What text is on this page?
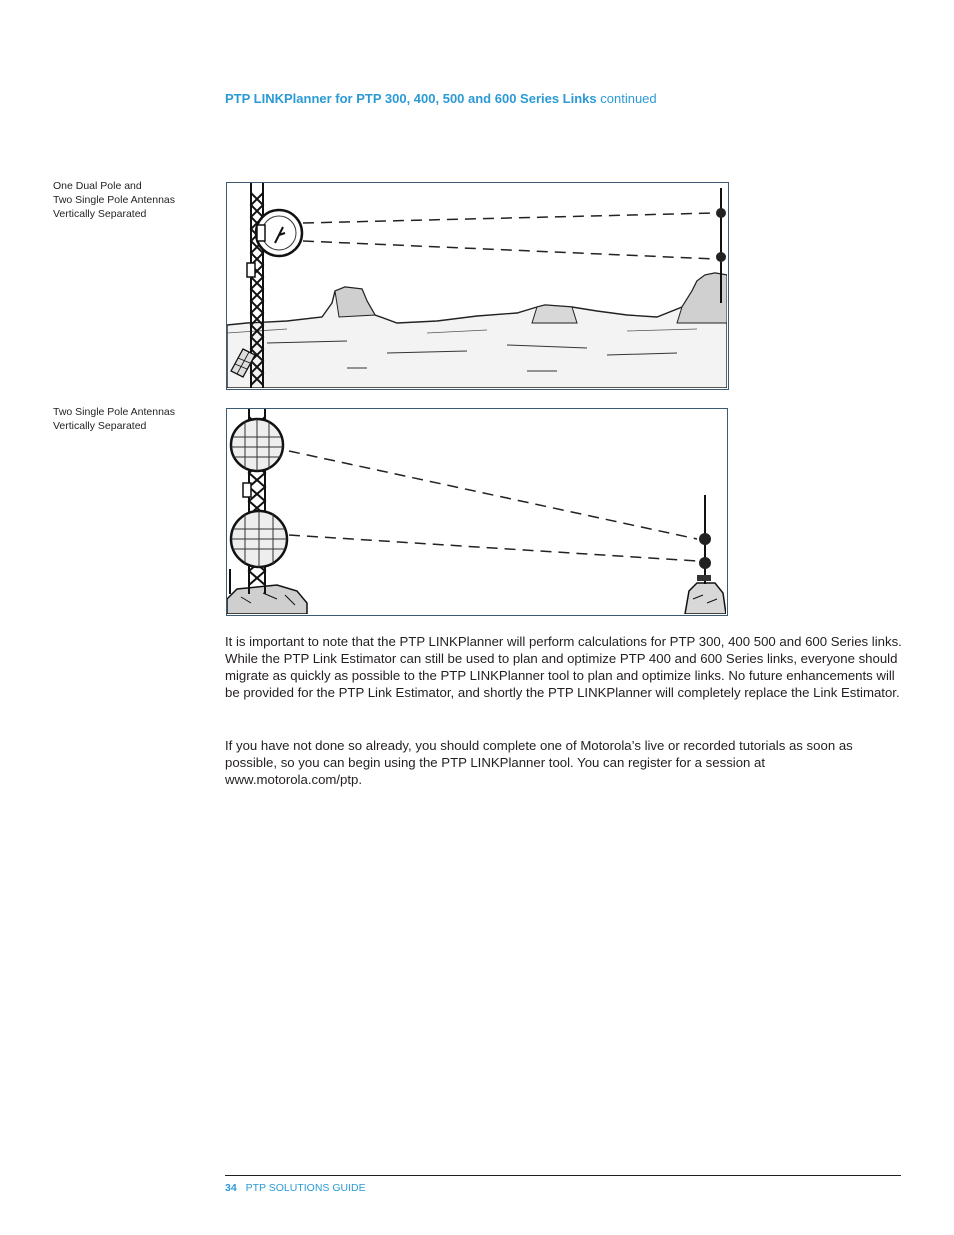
PTP LINKPlanner for PTP 300, 400, 500 and 600 Series Links continued
One Dual Pole and
Two Single Pole Antennas
Vertically Separated
Two Single Pole Antennas
Vertically Separated

It is important to note that the PTP LINKPlanner will perform calculations for PTP 300, 400 500 and 600 Series links. While the PTP Link Estimator can still be used to plan and optimize PTP 400 and 600 Series links, everyone should migrate as quickly as possible to the PTP LINKPlanner tool to plan and optimize links. No future enhancements will be provided for the PTP Link Estimator, and shortly the PTP LINKPlanner will completely replace the Link Estimator.

If you have not done so already, you should complete one of Motorola’s live or recorded tutorials as soon as possible, so you can begin using the PTP LINKPlanner tool. You can register for a session at www.motorola.com/ptp.

34 PTP SOLUTIONS GUIDE
